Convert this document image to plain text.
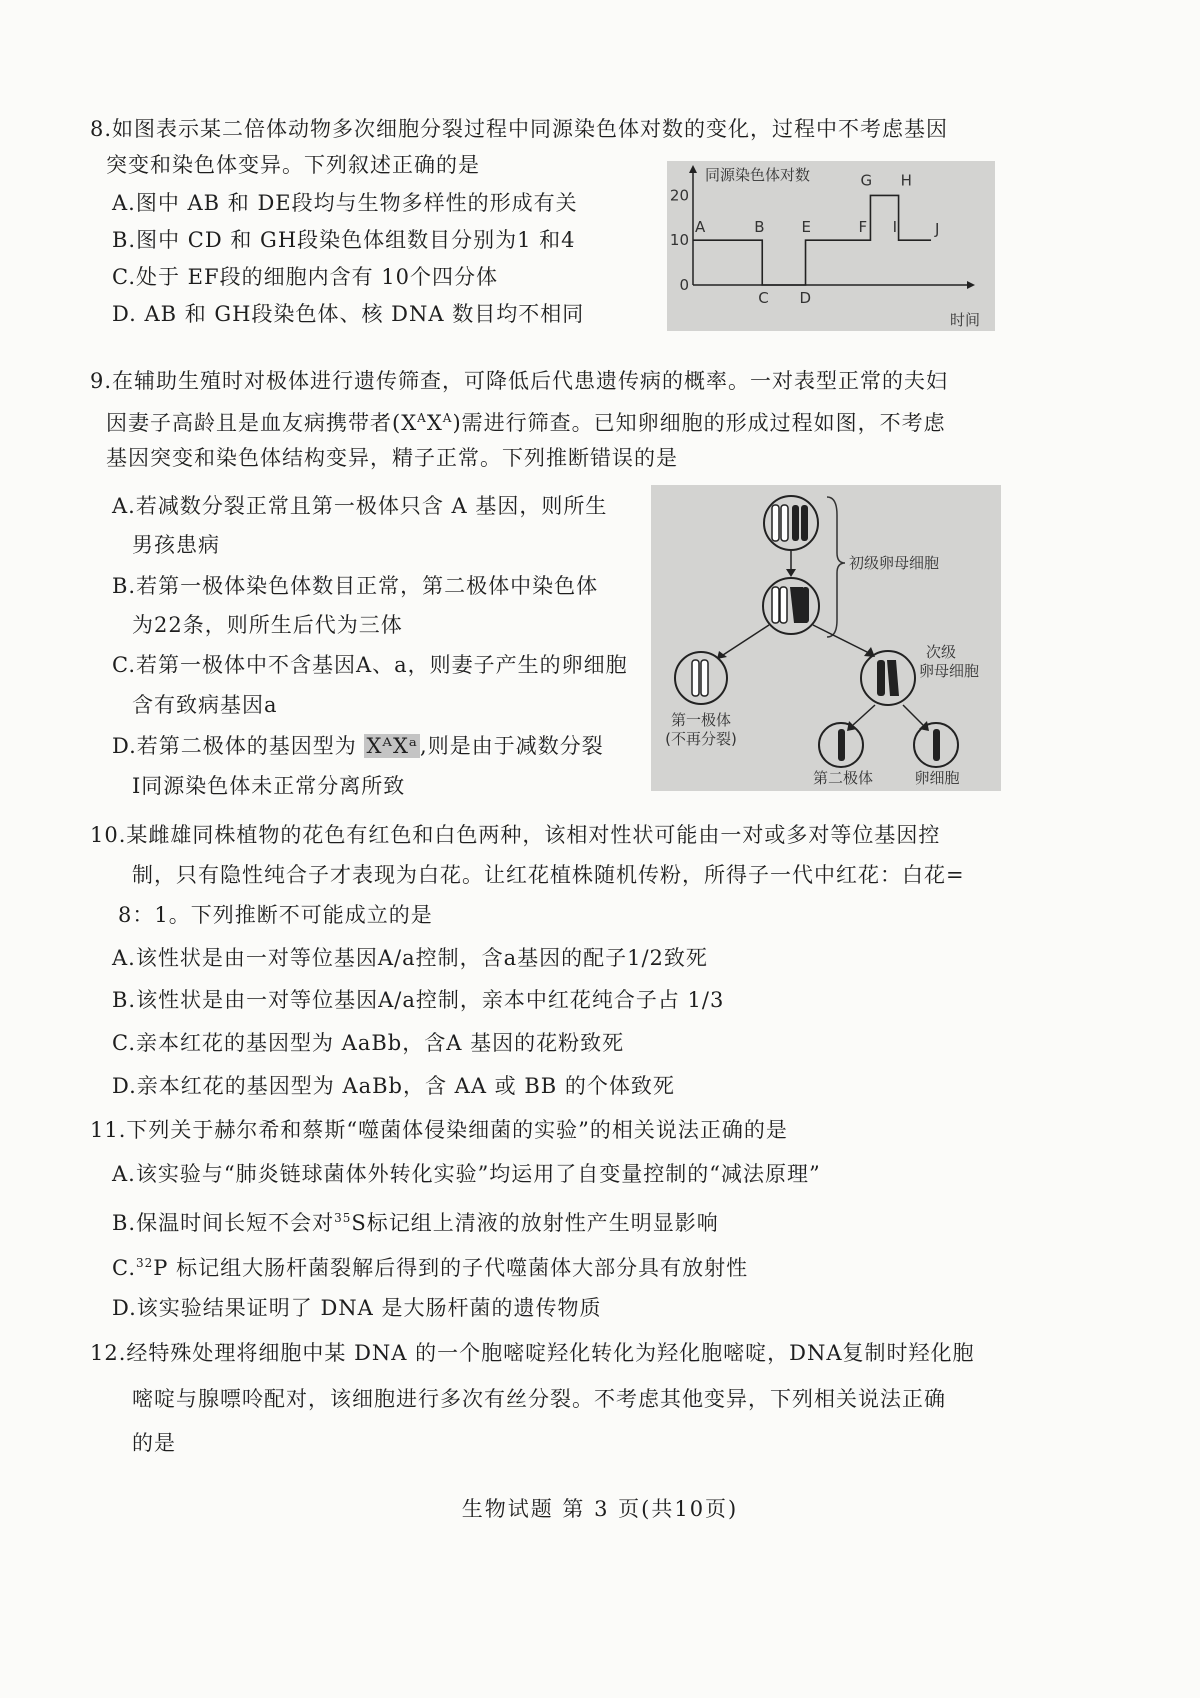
8.如图表示某二倍体动物多次细胞分裂过程中同源染色体对数的变化，过程中不考虑基因
突变和染色体变异。下列叙述正确的是
A.图中 AB 和 DE段均与生物多样性的形成有关
B.图中 CD 和 GH段染色体组数目分别为1 和4
C.处于 EF段的细胞内含有 10个四分体
D. AB 和 GH段染色体、核 DNA 数目均不相同
同源染色体对数
时间
0
10
20
A	B
C D
E	F
G H
I	J
9.在辅助生殖时对极体进行遗传筛查，可降低后代患遗传病的概率。一对表型正常的夫妇
因妻子高龄且是血友病携带者$(X^AX^A)$需进行筛查。已知卵细胞的形成过程如图，不考虑
基因突变和染色体结构变异，精子正常。下列推断错误的是
A.若减数分裂正常且第一极体只含 A 基因，则所生
男孩患病
B.若第一极体染色体数目正常，第二极体中染色体
为22条，则所生后代为三体
C.若第一极体中不含基因A、a，则妻子产生的卵细胞
含有致病基因a
D.若第二极体的基因型为 XᴬXᵃ,则是由于减数分裂
Ⅰ同源染色体未正常分离所致
初级卵母细胞
第一极体
(不再分裂)
次级
卵母细胞
第二极体	卵细胞
10.某雌雄同株植物的花色有红色和白色两种，该相对性状可能由一对或多对等位基因控
制，只有隐性纯合子才表现为白花。让红花植株随机传粉，所得子一代中红花：白花=
8：1。下列推断不可能成立的是
A.该性状是由一对等位基因A/a控制，含a基因的配子1/2致死
B.该性状是由一对等位基因A/a控制，亲本中红花纯合子占 1/3
C.亲本红花的基因型为 AaBb，含A 基因的花粉致死
D.亲本红花的基因型为 AaBb，含 AA 或 BB 的个体致死
11.下列关于赫尔希和蔡斯“噬菌体侵染细菌的实验”的相关说法正确的是
A.该实验与“肺炎链球菌体外转化实验”均运用了自变量控制的“减法原理”
B.保温时间长短不会对$^{35}$S标记组上清液的放射性产生明显影响
C.$^{32}$P 标记组大肠杆菌裂解后得到的子代噬菌体大部分具有放射性
D.该实验结果证明了 DNA 是大肠杆菌的遗传物质
12.经特殊处理将细胞中某 DNA 的一个胞嘧啶羟化转化为羟化胞嘧啶，DNA复制时羟化胞
嘧啶与腺嘌呤配对，该细胞进行多次有丝分裂。不考虑其他变异，下列相关说法正确
的是
生物试题 第 3 页(共10页)
